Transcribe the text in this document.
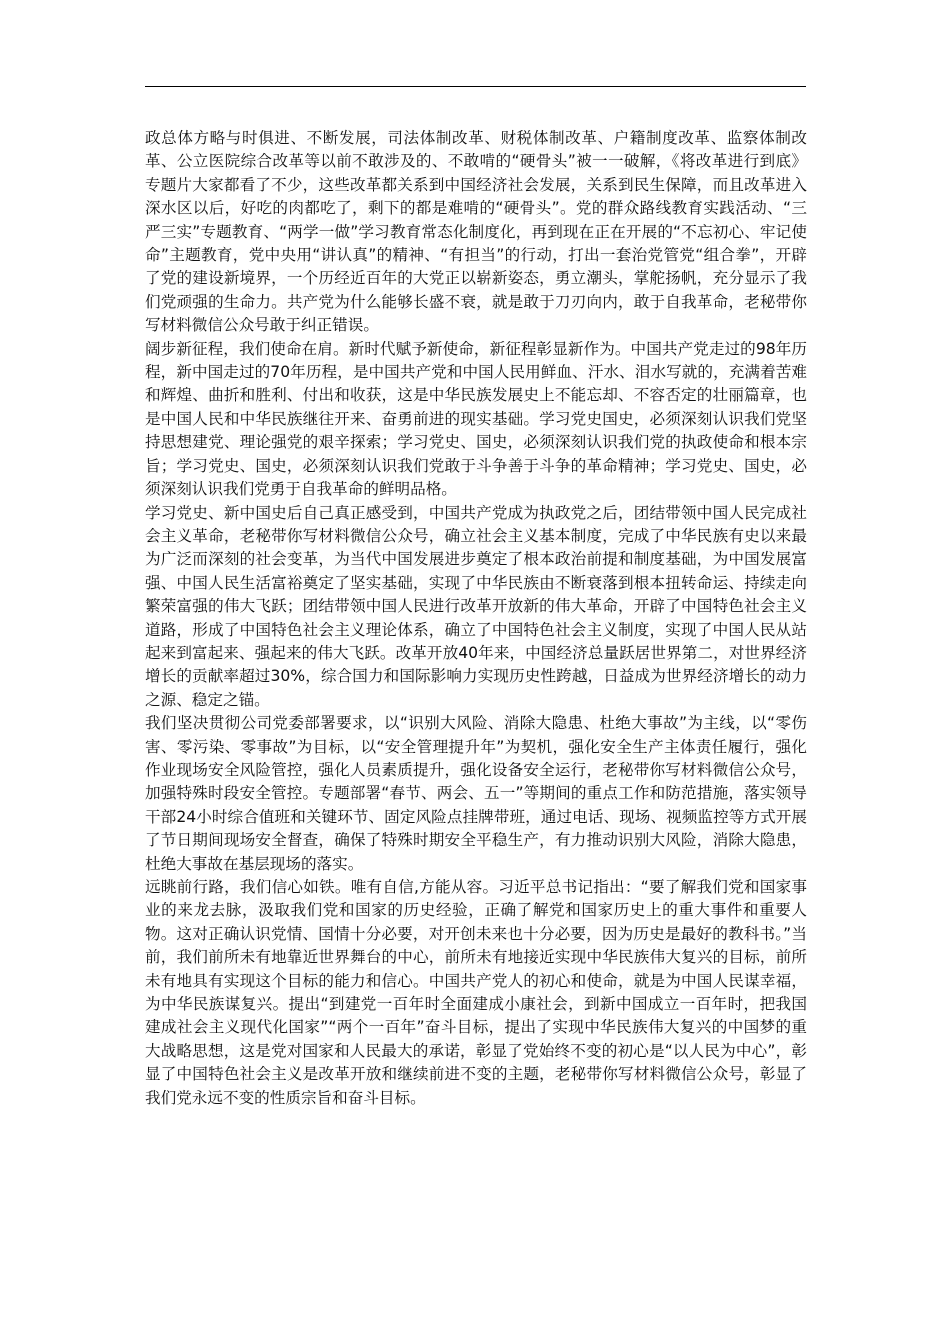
政总体方略与时俱进、不断发展，司法体制改革、财税体制改革、户籍制度改革、监察体制改革、公立医院综合改革等以前不敢涉及的、不敢啃的“硬骨头”被一一破解，《将改革进行到底》专题片大家都看了不少，这些改革都关系到中国经济社会发展，关系到民生保障，而且改革进入深水区以后，好吃的肉都吃了，剩下的都是难啃的“硬骨头”。党的群众路线教育实践活动、“三严三实”专题教育、“两学一做”学习教育常态化制度化，再到现在正在开展的“不忘初心、牢记使命”主题教育，党中央用“讲认真”的精神、“有担当”的行动，打出一套治党管党“组合拳”，开辟了党的建设新境界，一个历经近百年的大党正以崭新姿态，勇立潮头，掌舵扬帆，充分显示了我们党顽强的生命力。共产党为什么能够长盛不衰，就是敢于刀刃向内，敢于自我革命，老秘带你写材料微信公众号敢于纠正错误。

阔步新征程，我们使命在肩。新时代赋予新使命，新征程彰显新作为。中国共产党走过的98年历程，新中国走过的70年历程，是中国共产党和中国人民用鲜血、汗水、泪水写就的，充满着苦难和辉煌、曲折和胜利、付出和收获，这是中华民族发展史上不能忘却、不容否定的壮丽篇章，也是中国人民和中华民族继往开来、奋勇前进的现实基础。学习党史国史，必须深刻认识我们党坚持思想建党、理论强党的艰辛探索；学习党史、国史，必须深刻认识我们党的执政使命和根本宗旨；学习党史、国史，必须深刻认识我们党敢于斗争善于斗争的革命精神；学习党史、国史，必须深刻认识我们党勇于自我革命的鲜明品格。

学习党史、新中国史后自己真正感受到，中国共产党成为执政党之后，团结带领中国人民完成社会主义革命，老秘带你写材料微信公众号，确立社会主义基本制度，完成了中华民族有史以来最为广泛而深刻的社会变革，为当代中国发展进步奠定了根本政治前提和制度基础，为中国发展富强、中国人民生活富裕奠定了坚实基础，实现了中华民族由不断衰落到根本扭转命运、持续走向繁荣富强的伟大飞跃；团结带领中国人民进行改革开放新的伟大革命，开辟了中国特色社会主义道路，形成了中国特色社会主义理论体系，确立了中国特色社会主义制度，实现了中国人民从站起来到富起来、强起来的伟大飞跃。改革开放40年来，中国经济总量跃居世界第二，对世界经济增长的贡献率超过30%，综合国力和国际影响力实现历史性跨越，日益成为世界经济增长的动力之源、稳定之锚。

我们坚决贯彻公司党委部署要求，以“识别大风险、消除大隐患、杜绝大事故”为主线，以“零伤害、零污染、零事故”为目标，以“安全管理提升年”为契机，强化安全生产主体责任履行，强化作业现场安全风险管控，强化人员素质提升，强化设备安全运行，老秘带你写材料微信公众号，加强特殊时段安全管控。专题部署“春节、两会、五一”等期间的重点工作和防范措施，落实领导干部24小时综合值班和关键环节、固定风险点挂牌带班，通过电话、现场、视频监控等方式开展了节日期间现场安全督查，确保了特殊时期安全平稳生产，有力推动识别大风险，消除大隐患，杜绝大事故在基层现场的落实。

远眺前行路，我们信心如铁。唯有自信,方能从容。习近平总书记指出：“要了解我们党和国家事业的来龙去脉，汲取我们党和国家的历史经验，正确了解党和国家历史上的重大事件和重要人物。这对正确认识党情、国情十分必要，对开创未来也十分必要，因为历史是最好的教科书。”当前，我们前所未有地靠近世界舞台的中心，前所未有地接近实现中华民族伟大复兴的目标，前所未有地具有实现这个目标的能力和信心。中国共产党人的初心和使命，就是为中国人民谋幸福，为中华民族谋复兴。提出“到建党一百年时全面建成小康社会，到新中国成立一百年时，把我国建成社会主义现代化国家”“两个一百年”奋斗目标，提出了实现中华民族伟大复兴的中国梦的重大战略思想，这是党对国家和人民最大的承诺，彰显了党始终不变的初心是“以人民为中心”，彰显了中国特色社会主义是改革开放和继续前进不变的主题，老秘带你写材料微信公众号，彰显了我们党永远不变的性质宗旨和奋斗目标。
